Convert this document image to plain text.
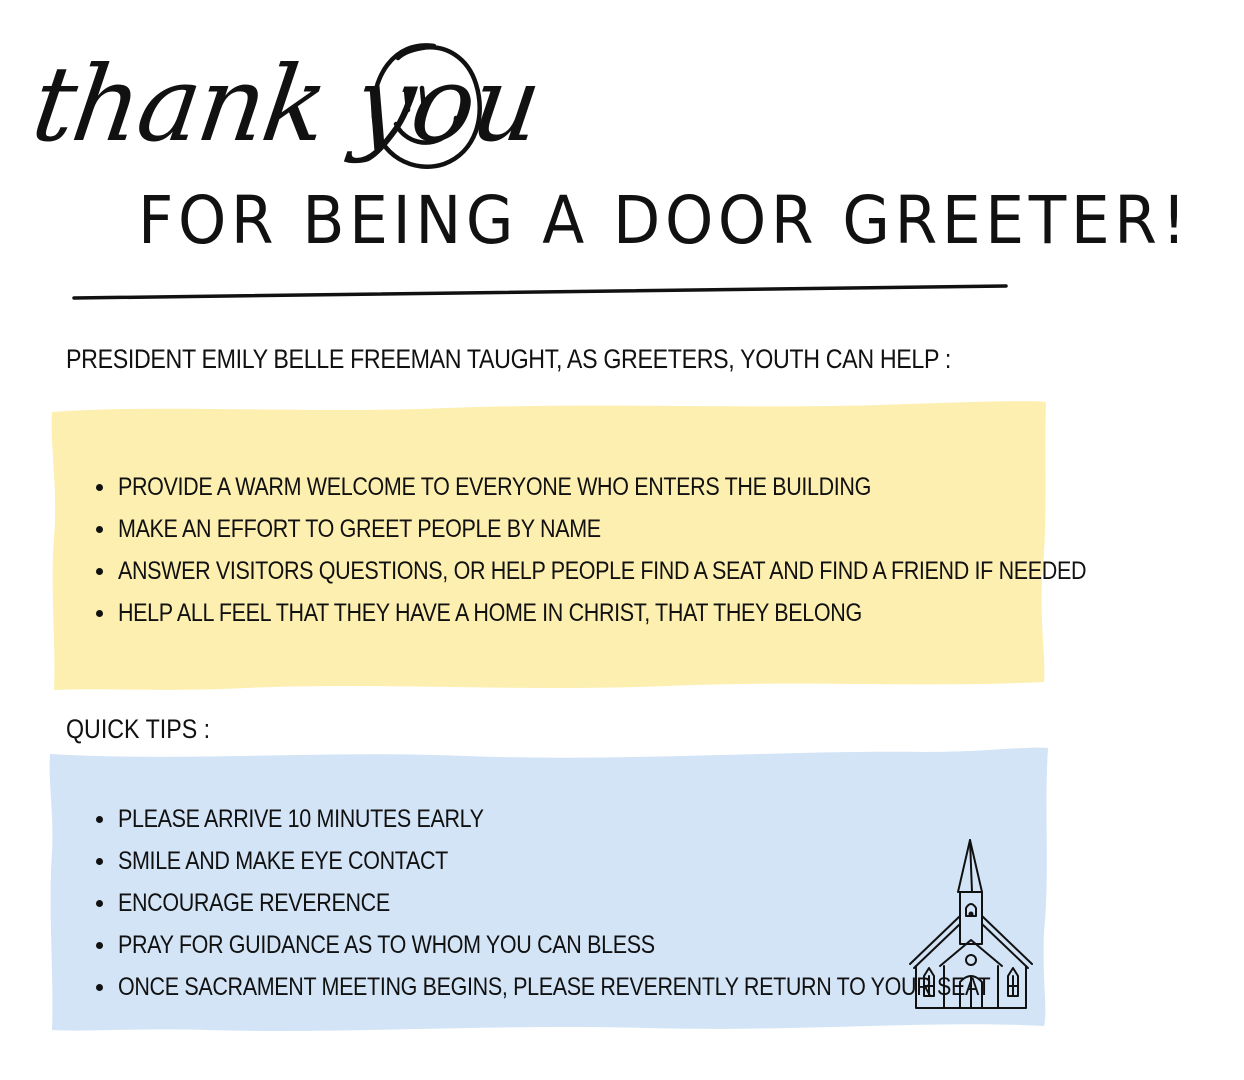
thank you
FOR BEING A DOOR GREETER!
PRESIDENT EMILY BELLE FREEMAN TAUGHT, AS GREETERS, YOUTH CAN HELP :
PROVIDE A WARM WELCOME TO EVERYONE WHO ENTERS THE BUILDING
MAKE AN EFFORT TO GREET PEOPLE BY NAME
ANSWER VISITORS QUESTIONS, OR HELP PEOPLE FIND A SEAT AND FIND A FRIEND IF NEEDED
HELP ALL FEEL THAT THEY HAVE A HOME IN CHRIST, THAT THEY BELONG
QUICK TIPS :
PLEASE ARRIVE 10 MINUTES EARLY
SMILE AND MAKE EYE CONTACT
ENCOURAGE REVERENCE
PRAY FOR GUIDANCE AS TO WHOM YOU CAN BLESS
ONCE SACRAMENT MEETING BEGINS, PLEASE REVERENTLY RETURN TO YOUR SEAT
